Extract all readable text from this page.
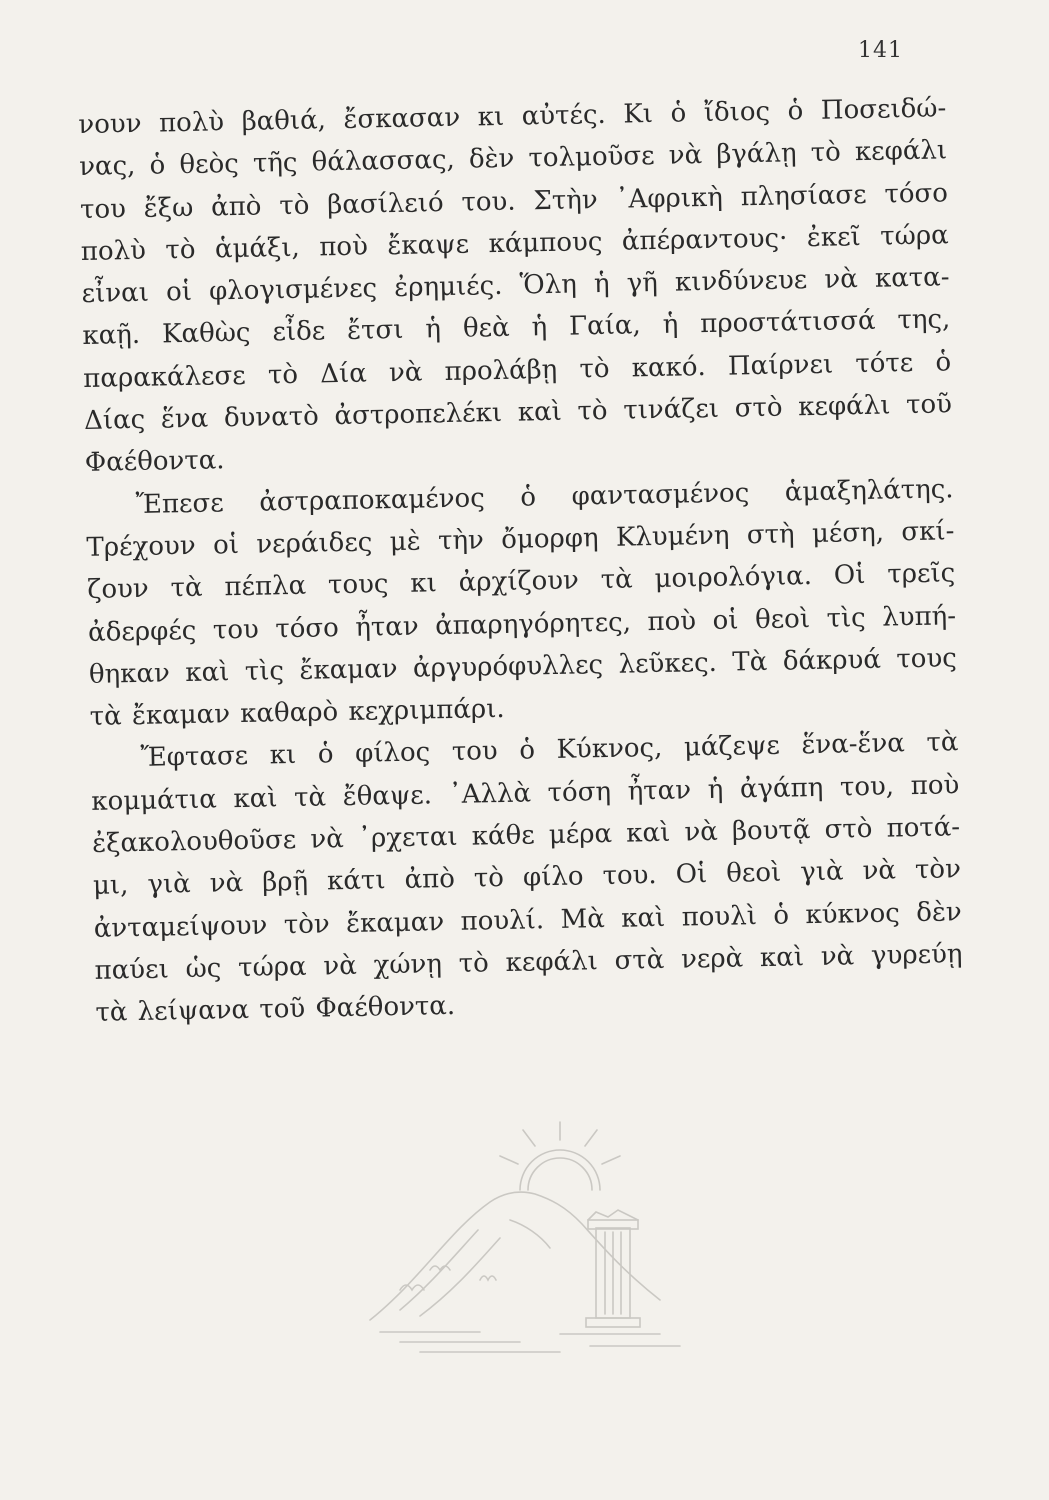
141
νουν πολὺ βαθιά, ἔσκασαν κι αὐτές. Κι ὁ ἴδιος ὁ Ποσειδώ-
νας, ὁ θεὸς τῆς θάλασσας, δὲν τολμοῦσε νὰ βγάλῃ τὸ κεφάλι
του ἔξω ἀπὸ τὸ βασίλειό του. Στὴν ᾿Αφρικὴ πλησίασε τόσο
πολὺ τὸ ἁμάξι, ποὺ ἔκαψε κάμπους ἀπέραντους· ἐκεῖ τώρα
εἶναι οἱ φλογισμένες ἐρημιές. Ὅλη ἡ γῆ κινδύνευε νὰ κατα-
καῇ. Καθὼς εἶδε ἔτσι ἡ θεὰ ἡ Γαία, ἡ προστάτισσά της,
παρακάλεσε τὸ Δία νὰ προλάβῃ τὸ κακό. Παίρνει τότε ὁ
Δίας ἕνα δυνατὸ ἀστροπελέκι καὶ τὸ τινάζει στὸ κεφάλι τοῦ
Φαέθοντα.
Ἔπεσε ἀστραποκαμένος ὁ φαντασμένος ἁμαξηλάτης.
Τρέχουν οἱ νεράιδες μὲ τὴν ὄμορφη Κλυμένη στὴ μέση, σκί-
ζουν τὰ πέπλα τους κι ἀρχίζουν τὰ μοιρολόγια. Οἱ τρεῖς
ἀδερφές του τόσο ἦταν ἀπαρηγόρητες, ποὺ οἱ θεοὶ τὶς λυπή-
θηκαν καὶ τὶς ἔκαμαν ἀργυρόφυλλες λεῦκες. Τὰ δάκρυά τους
τὰ ἔκαμαν καθαρὸ κεχριμπάρι.
Ἔφτασε κι ὁ φίλος του ὁ Κύκνος, μάζεψε ἕνα-ἕνα τὰ
κομμάτια καὶ τὰ ἔθαψε. ᾿Αλλὰ τόση ἦταν ἡ ἀγάπη του, ποὺ
ἐξακολουθοῦσε νὰ ᾿ρχεται κάθε μέρα καὶ νὰ βουτᾷ στὸ ποτά-
μι, γιὰ νὰ βρῇ κάτι ἀπὸ τὸ φίλο του. Οἱ θεοὶ γιὰ νὰ τὸν
ἀνταμείψουν τὸν ἔκαμαν πουλί. Μὰ καὶ πουλὶ ὁ κύκνος δὲν
παύει ὡς τώρα νὰ χώνῃ τὸ κεφάλι στὰ νερὰ καὶ νὰ γυρεύῃ
τὰ λείψανα τοῦ Φαέθοντα.
